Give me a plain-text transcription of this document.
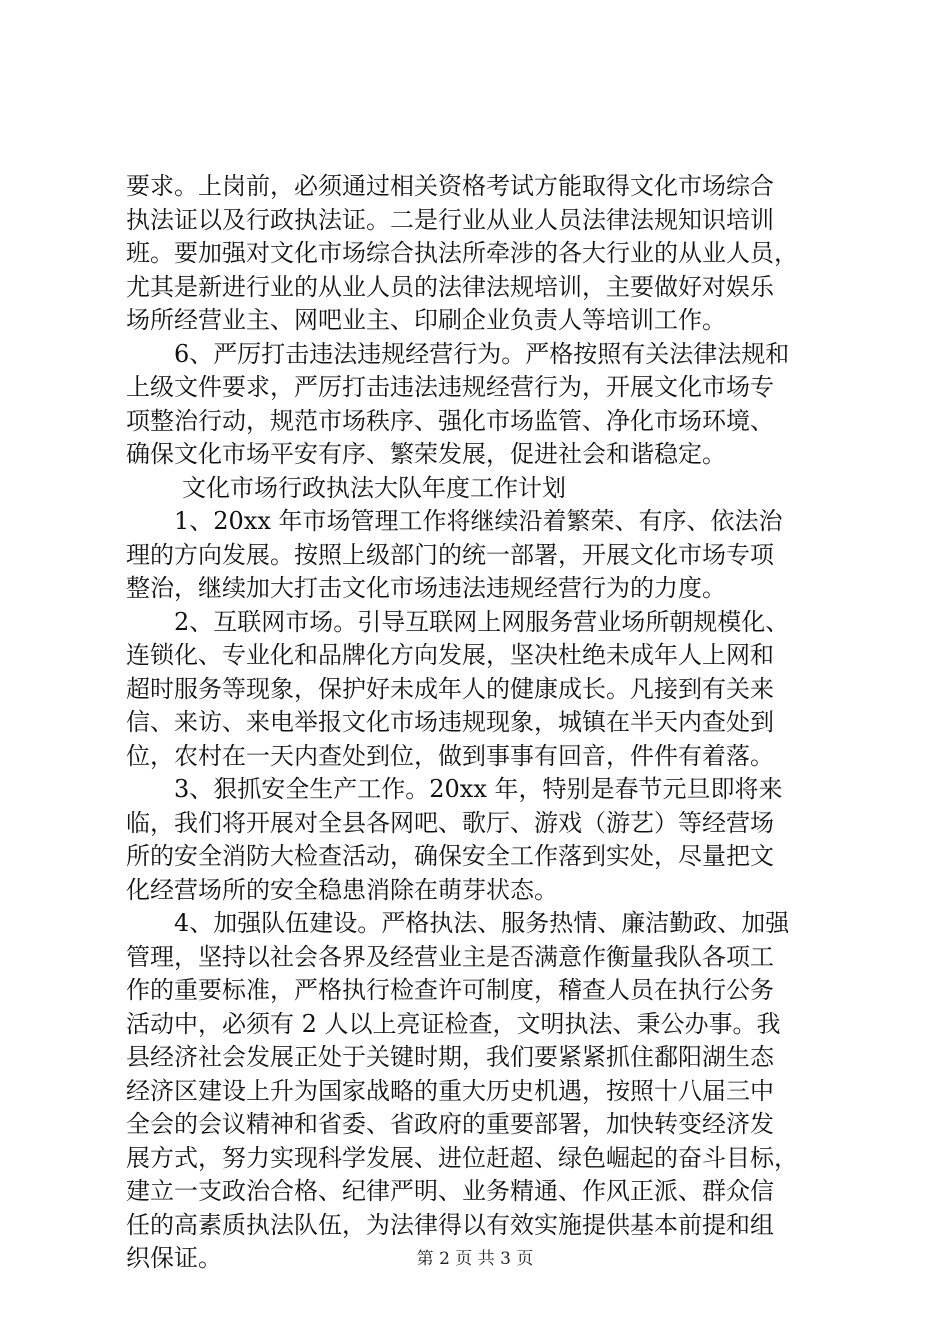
要求。上岗前，必须通过相关资格考试方能取得文化市场综合
执法证以及行政执法证。二是行业从业人员法律法规知识培训
班。要加强对文化市场综合执法所牵涉的各大行业的从业人员，
尤其是新进行业的从业人员的法律法规培训，主要做好对娱乐
场所经营业主、网吧业主、印刷企业负责人等培训工作。
6、严厉打击违法违规经营行为。严格按照有关法律法规和
上级文件要求，严厉打击违法违规经营行为，开展文化市场专
项整治行动，规范市场秩序、强化市场监管、净化市场环境、
确保文化市场平安有序、繁荣发展，促进社会和谐稳定。
文化市场行政执法大队年度工作计划
1、20xx 年市场管理工作将继续沿着繁荣、有序、依法治
理的方向发展。按照上级部门的统一部署，开展文化市场专项
整治，继续加大打击文化市场违法违规经营行为的力度。
2、互联网市场。引导互联网上网服务营业场所朝规模化、
连锁化、专业化和品牌化方向发展，坚决杜绝未成年人上网和
超时服务等现象，保护好未成年人的健康成长。凡接到有关来
信、来访、来电举报文化市场违规现象，城镇在半天内查处到
位，农村在一天内查处到位，做到事事有回音，件件有着落。
3、狠抓安全生产工作。20xx 年，特别是春节元旦即将来
临，我们将开展对全县各网吧、歌厅、游戏（游艺）等经营场
所的安全消防大检查活动，确保安全工作落到实处，尽量把文
化经营场所的安全稳患消除在萌芽状态。
4、加强队伍建设。严格执法、服务热情、廉洁勤政、加强
管理，坚持以社会各界及经营业主是否满意作衡量我队各项工
作的重要标准，严格执行检查许可制度，稽查人员在执行公务
活动中，必须有 2 人以上亮证检查，文明执法、秉公办事。我
县经济社会发展正处于关键时期，我们要紧紧抓住鄱阳湖生态
经济区建设上升为国家战略的重大历史机遇，按照十八届三中
全会的会议精神和省委、省政府的重要部署，加快转变经济发
展方式，努力实现科学发展、进位赶超、绿色崛起的奋斗目标，
建立一支政治合格、纪律严明、业务精通、作风正派、群众信
任的高素质执法队伍，为法律得以有效实施提供基本前提和组
织保证。	第 2 页 共 3 页
